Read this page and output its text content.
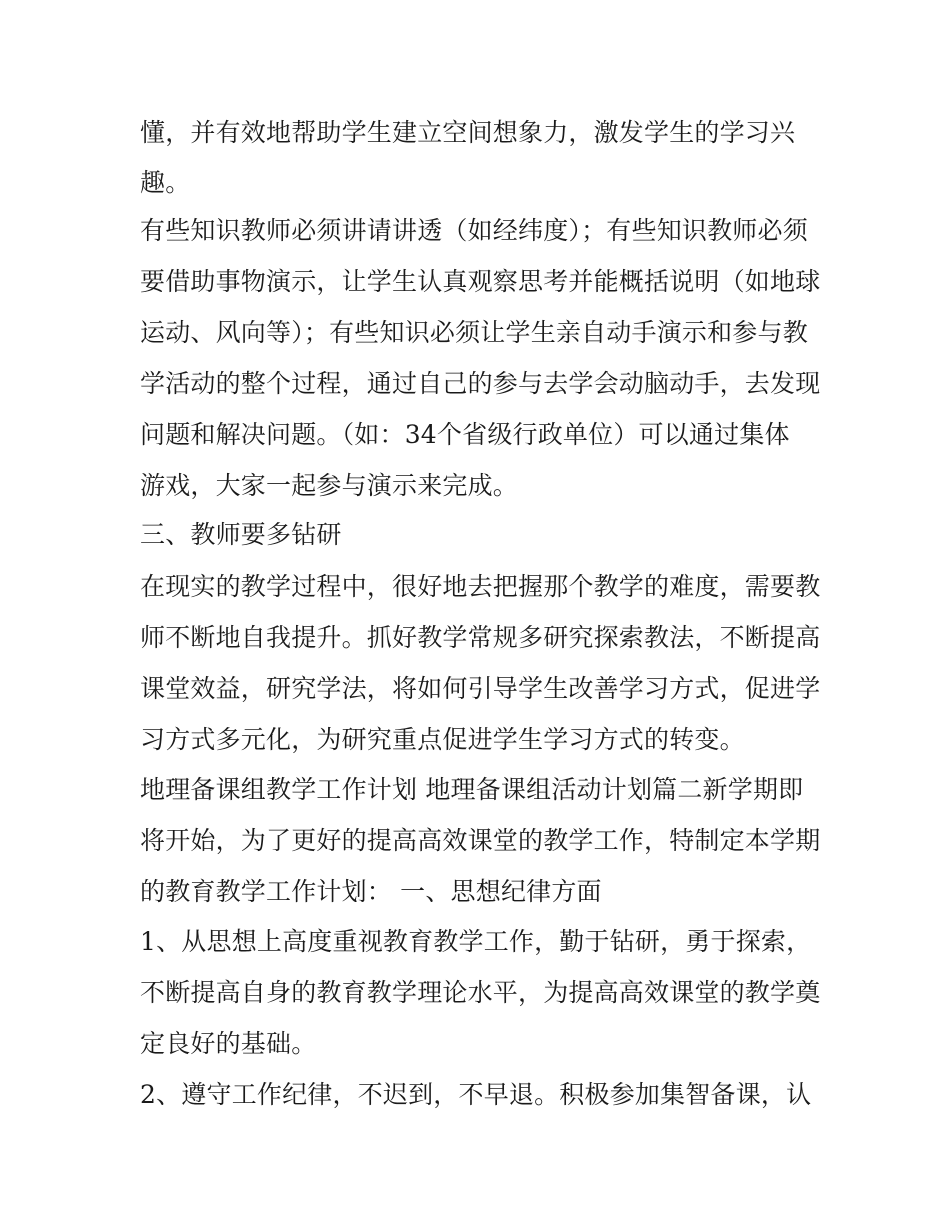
懂，并有效地帮助学生建立空间想象力，激发学生的学习兴
趣。
有些知识教师必须讲请讲透（如经纬度）；有些知识教师必须
要借助事物演示，让学生认真观察思考并能概括说明（如地球
运动、风向等）；有些知识必须让学生亲自动手演示和参与教
学活动的整个过程，通过自己的参与去学会动脑动手，去发现
问题和解决问题。（如：34个省级行政单位）可以通过集体
游戏，大家一起参与演示来完成。
三、教师要多钻研
在现实的教学过程中，很好地去把握那个教学的难度，需要教
师不断地自我提升。抓好教学常规多研究探索教法，不断提高
课堂效益，研究学法，将如何引导学生改善学习方式，促进学
习方式多元化，为研究重点促进学生学习方式的转变。
地理备课组教学工作计划 地理备课组活动计划篇二新学期即
将开始，为了更好的提高高效课堂的教学工作，特制定本学期
的教育教学工作计划： 一、思想纪律方面
1、从思想上高度重视教育教学工作，勤于钻研，勇于探索，
不断提高自身的教育教学理论水平，为提高高效课堂的教学奠
定良好的基础。
2、遵守工作纪律，不迟到，不早退。积极参加集智备课，认
